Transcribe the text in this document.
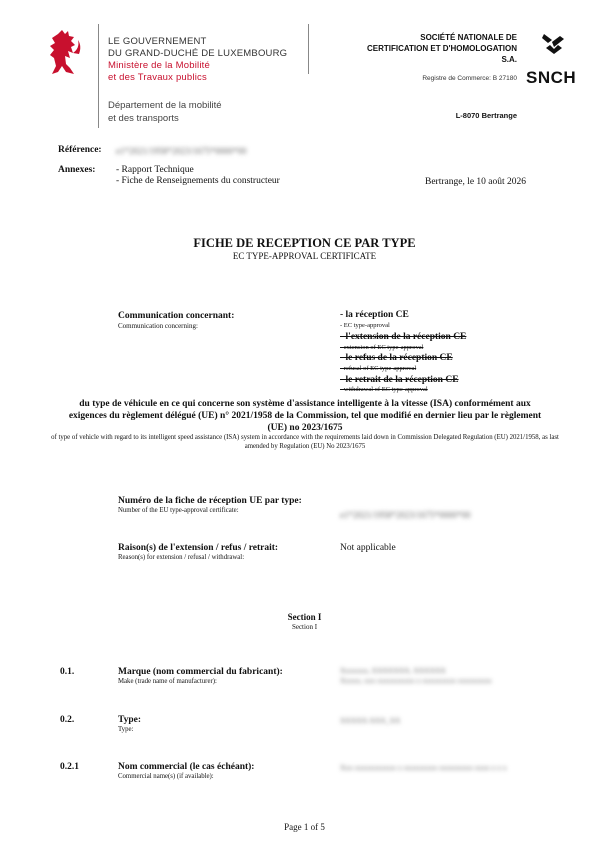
LE GOUVERNEMENT
DU GRAND-DUCHÉ DE LUXEMBOURG
Ministère de la Mobilité
et des Travaux publics
Département de la mobilité
et des transports
SOCIÉTÉ NATIONALE DE
CERTIFICATION ET D'HOMOLOGATION
S.A.
Registre de Commerce: B 27180
L-8070 Bertrange
SNCH
Référence: e1*2021/1958*2023/1675*0000*00
Annexes: - Rapport Technique
- Fiche de Renseignements du constructeur	Bertrange, le 10 août 2026
FICHE DE RECEPTION CE PAR TYPE
EC TYPE-APPROVAL CERTIFICATE
Communication concernant:
Communication concerning:
- la réception CE
- EC type-approval
- l'extension de la réception CE
- extension of EC type-approval
- le refus de la réception CE
- refusal of EC type-approval
- le retrait de la réception CE
- withdrawal of EC type-approval
du type de véhicule en ce qui concerne son système d'assistance intelligente à la vitesse (ISA) conformément aux exigences du règlement délégué (UE) n° 2021/1958 de la Commission, tel que modifié en dernier lieu par le règlement (UE) no 2023/1675
of type of vehicle with regard to its intelligent speed assistance (ISA) system in accordance with the requirements laid down in Commission Delegated Regulation (EU) 2021/1958, as last amended by Regulation (EU) No 2023/1675
Numéro de la fiche de réception UE par type:
Number of the EU type-approval certificate:	e1*2021/1958*2023/1675*0000*00
Raison(s) de l'extension / refus / retrait:
Reason(s) for extension / refusal / withdrawal:
Not applicable
Section I
Section I
0.1.	Marque (nom commercial du fabricant):
Make (trade name of manufacturer):
Xxxxxxx, XXXXXXX, XXXXXX
Xxxxx, xxx xxxxxxxxxx x xxxxxxxxx xxxxxxxxx
0.2.	Type:
Type:
XXXXX-XXX_XX
0.2.1	Nom commercial (le cas échéant):
Commercial name(s) (if available):
Xxx xxxxxxxxxxx x xxxxxxxxx xxxxxxxxx xxxx x x x
Page 1 of 5
